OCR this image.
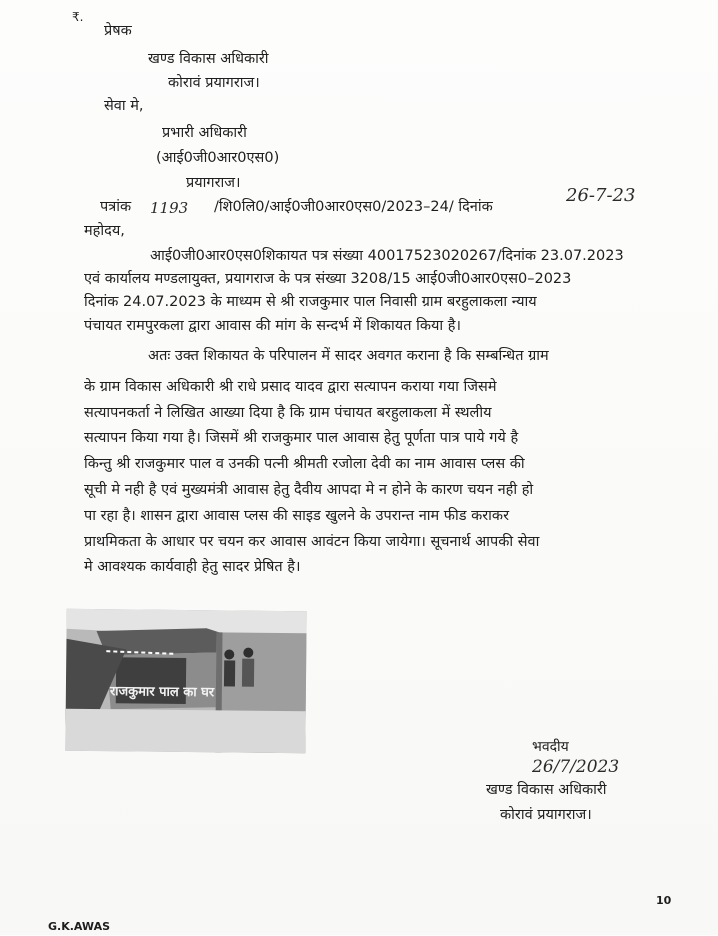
₹.
प्रेषक
खण्ड विकास अधिकारी
कोरावं प्रयागराज।
सेवा मे,
प्रभारी अधिकारी
(आई0जी0आर0एस0)
प्रयागराज।
पत्रांक 1193 /शि0लि0/आई0जी0आर0एस0/2023–24/ दिनांक
26-7-23
महोदय,
आई0जी0आर0एस0शिकायत पत्र संख्या 40017523020267/दिनांक 23.07.2023
एवं कार्यालय मण्डलायुक्त, प्रयागराज के पत्र संख्या 3208/15 आई0जी0आर0एस0–2023
दिनांक 24.07.2023 के माध्यम से श्री राजकुमार पाल निवासी ग्राम बरहुलाकला न्याय
पंचायत रामपुरकला द्वारा आवास की मांग के सन्दर्भ में शिकायत किया है।
अतः उक्त शिकायत के परिपालन में सादर अवगत कराना है कि सम्बन्धित ग्राम
के ग्राम विकास अधिकारी श्री राधे प्रसाद यादव द्वारा सत्यापन कराया गया जिसमे
सत्यापनकर्ता ने लिखित आख्या दिया है कि ग्राम पंचायत बरहुलाकला में स्थलीय
सत्यापन किया गया है। जिसमें श्री राजकुमार पाल आवास हेतु पूर्णता पात्र पाये गये है
किन्तु श्री राजकुमार पाल व उनकी पत्नी श्रीमती रजोला देवी का नाम आवास प्लस की
सूची मे नही है एवं मुख्यमंत्री आवास हेतु दैवीय आपदा मे न होने के कारण चयन नही हो
पा रहा है। शासन द्वारा आवास प्लस की साइड खुलने के उपरान्त नाम फीड कराकर
प्राथमिकता के आधार पर चयन कर आवास आवंटन किया जायेगा। सूचनार्थ आपकी सेवा
मे आवश्यक कार्यवाही हेतु सादर प्रेषित है।
राजकुमार पाल का घर
भवदीय
26/7/2023
खण्ड विकास अधिकारी
कोरावं प्रयागराज।
10
G.K.AWAS
